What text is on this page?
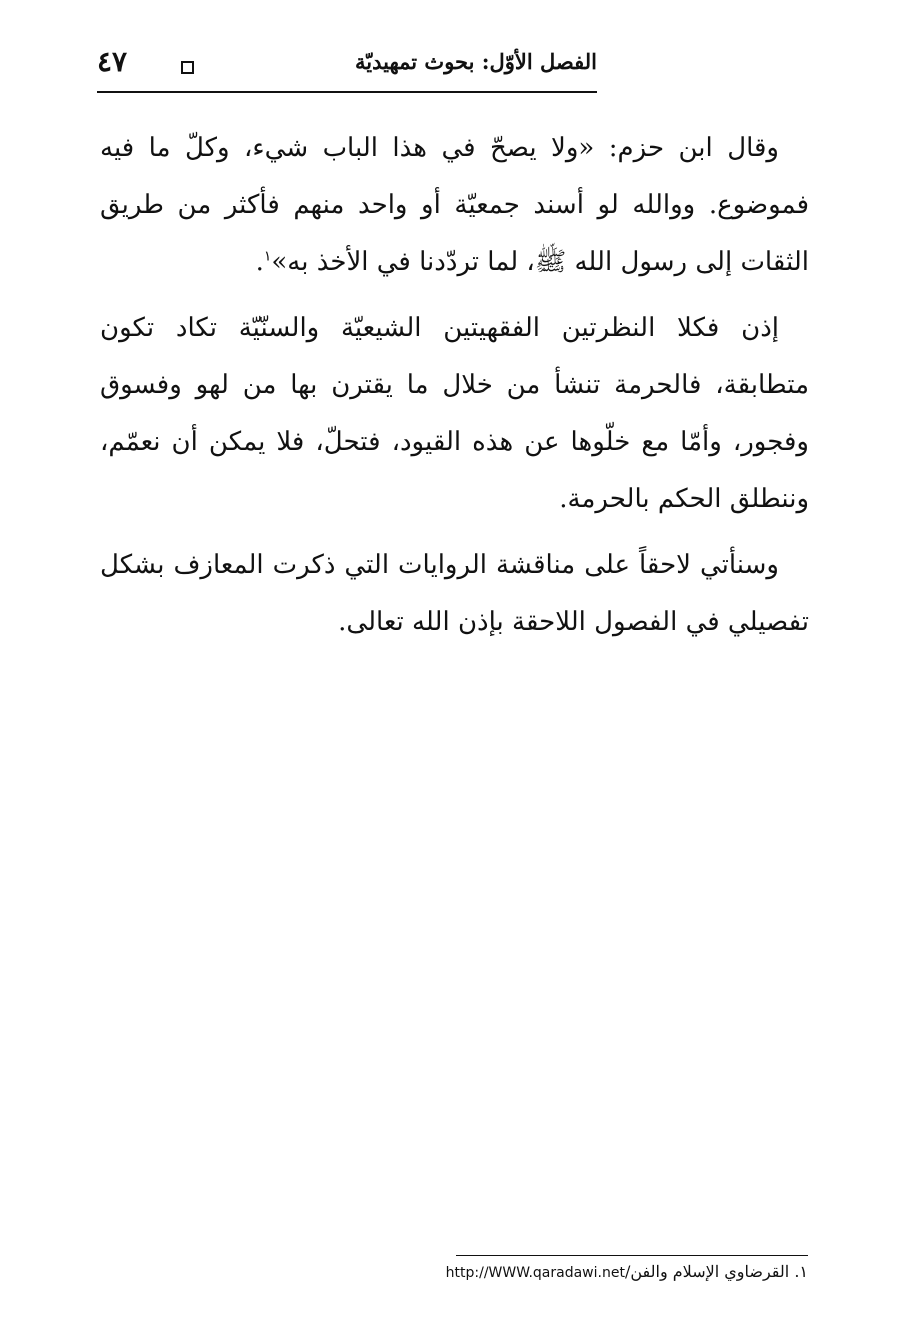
٤٧	الفصل الأوّل: بحوث تمهيديّة

وقال ابن حزم: «ولا يصحّ في هذا الباب شيء، وكلّ ما فيه فموضوع. ووالله لو أسند جمعيّة أو واحد منهم فأكثر من طريق الثقات إلى رسول الله ﷺ، لما تردّدنا في الأخذ به»$^١$.

إذن فكلا النظرتين الفقهيتين الشيعيّة والسنّيّة تكاد تكون متطابقة، فالحرمة تنشأ من خلال ما يقترن بها من لهو وفسوق وفجور، وأمّا مع خلّوها عن هذه القيود، فتحلّ، فلا يمكن أن نعمّم، وننطلق الحكم بالحرمة.

وسنأتي لاحقاً على مناقشة الروايات التي ذكرت المعازف بشكل تفصيلي في الفصول اللاحقة بإذن الله تعالى.

١. القرضاوي الإسلام والفن/http://WWW.qaradawi.net
